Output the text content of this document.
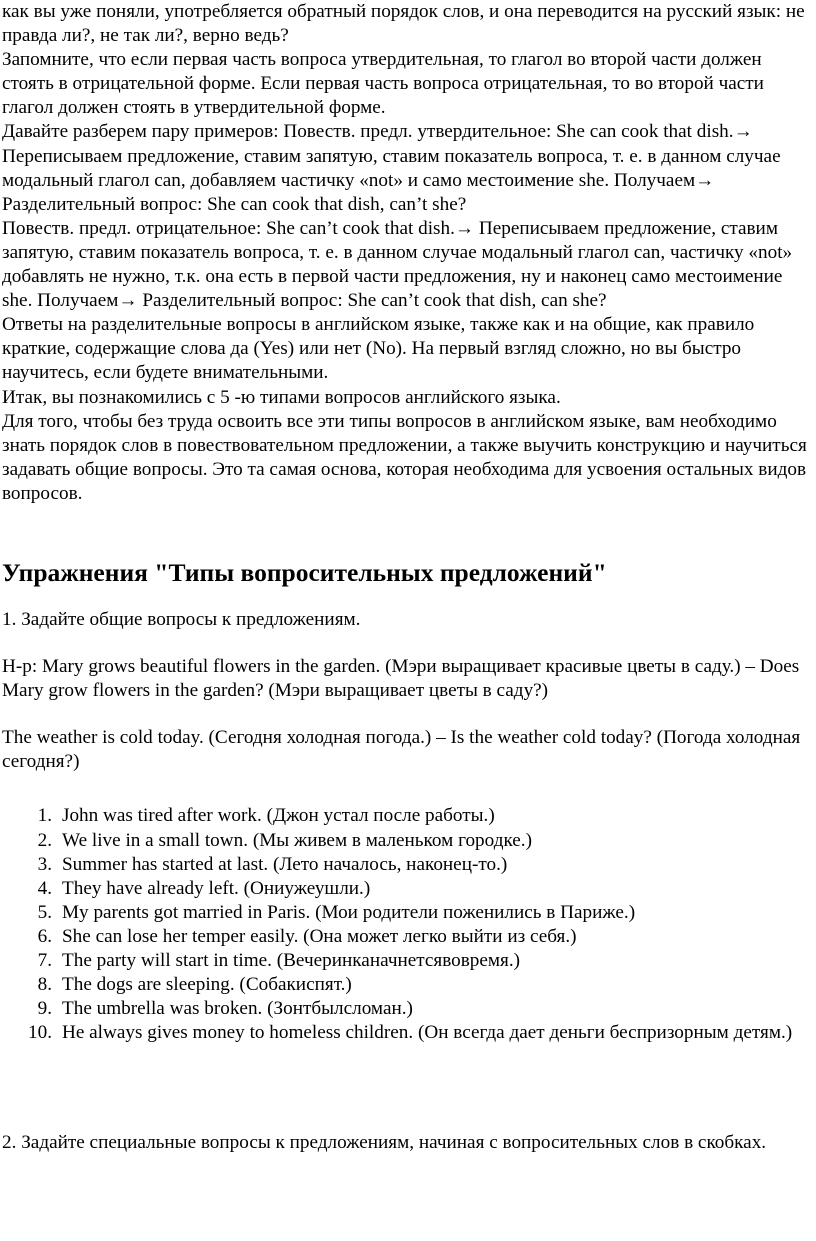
как вы уже поняли, употребляется обратный порядок слов, и она переводится на русский язык: не правда ли?, не так ли?, верно ведь?

Запомните, что если первая часть вопроса утвердительная, то глагол во второй части должен стоять в отрицательной форме. Если первая часть вопроса отрицательная, то во второй части глагол должен стоять в утвердительной форме.

Давайте разберем пару примеров: Повеств. предл. утвердительное: She can cook that dish.→ Переписываем предложение, ставим запятую, ставим показатель вопроса, т. е. в данном случае модальный глагол can, добавляем частичку «not» и само местоимение she. Получаем→ Разделительный вопрос: She can cook that dish, can’t she?

Повеств. предл. отрицательное: She can’t cook that dish.→ Переписываем предложение, ставим запятую, ставим показатель вопроса, т. е. в данном случае модальный глагол can, частичку «not» добавлять не нужно, т.к. она есть в первой части предложения, ну и наконец само местоимение she. Получаем→ Разделительный вопрос: She can’t cook that dish, can she?

Ответы на разделительные вопросы в английском языке, также как и на общие, как правило краткие, содержащие слова да (Yes) или нет (No). На первый взгляд сложно, но вы быстро научитесь, если будете внимательными.

Итак, вы познакомились с 5 -ю типами вопросов английского языка.

Для того, чтобы без труда освоить все эти типы вопросов в английском языке, вам необходимо знать порядок слов в повествовательном предложении, а также выучить конструкцию и научиться задавать общие вопросы. Это та самая основа, которая необходима для усвоения остальных видов вопросов.

Упражнения "Типы вопросительных предложений"

1. Задайте общие вопросы к предложениям.

Н-р: Mary grows beautiful flowers in the garden. (Мэри выращивает красивые цветы в саду.) – Does Mary grow flowers in the garden? (Мэри выращивает цветы в саду?)

The weather is cold today. (Сегодня холодная погода.) – Is the weather cold today? (Погода холодная сегодня?)

1. John was tired after work. (Джон устал после работы.)
2. We live in a small town. (Мы живем в маленьком городке.)
3. Summer has started at last. (Лето началось, наконец-то.)
4. They have already left. (Ониужеушли.)
5. My parents got married in Paris. (Мои родители поженились в Париже.)
6. She can lose her temper easily. (Она может легко выйти из себя.)
7. The party will start in time. (Вечеринканачнетсявовремя.)
8. The dogs are sleeping. (Собакиспят.)
9. The umbrella was broken. (Зонтбылсломан.)
10. He always gives money to homeless children. (Он всегда дает деньги беспризорным детям.)

2. Задайте специальные вопросы к предложениям, начиная с вопросительных слов в скобках.
